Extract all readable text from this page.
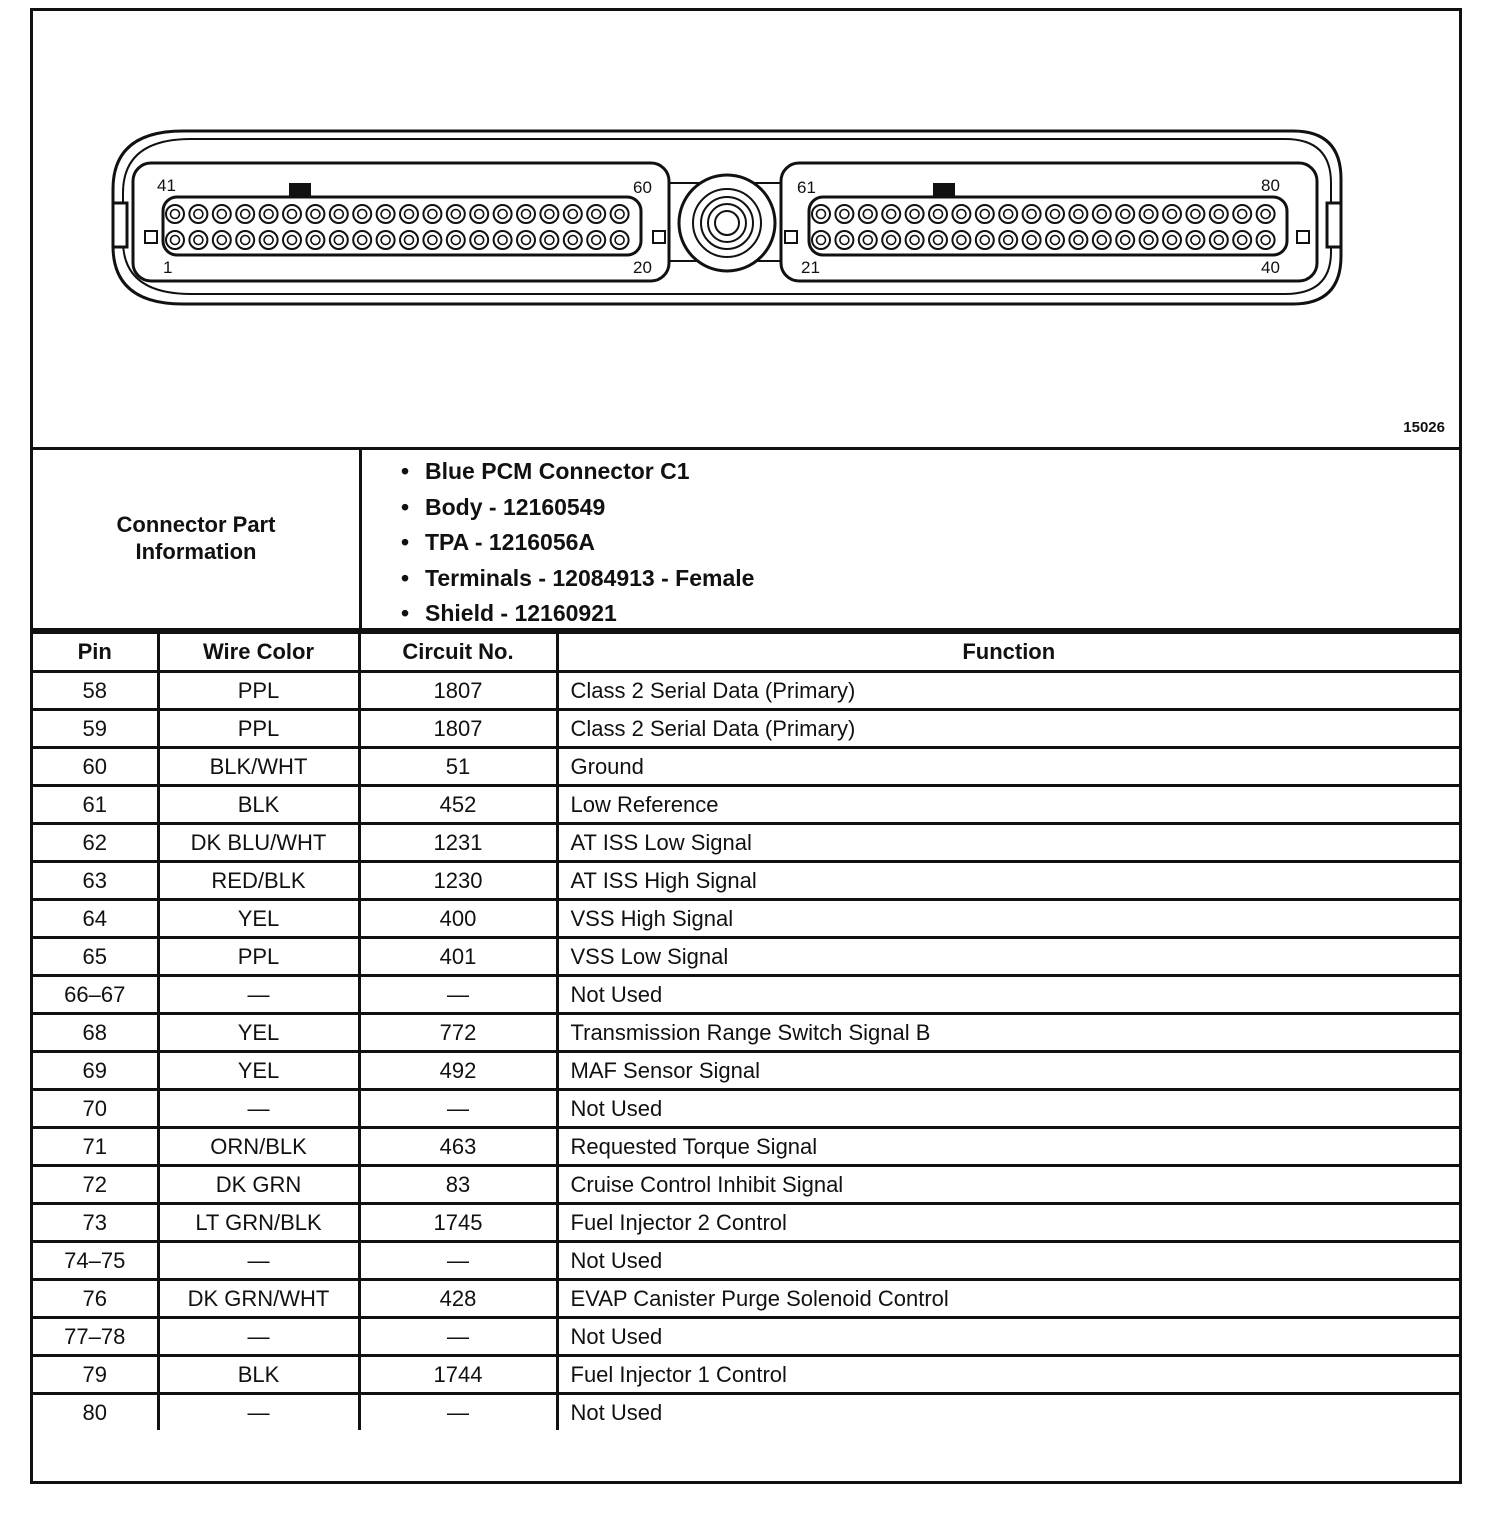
41	60
1	20
61	80
21	40
15026
Connector Part Information
• Blue PCM Connector C1
• Body - 12160549
• TPA - 1216056A
• Terminals - 12084913 - Female
• Shield - 12160921
Pin	Wire Color	Circuit No.	Function
58	PPL	1807	Class 2 Serial Data (Primary)
59	PPL	1807	Class 2 Serial Data (Primary)
60	BLK/WHT	51	Ground
61	BLK	452	Low Reference
62	DK BLU/WHT	1231	AT ISS Low Signal
63	RED/BLK	1230	AT ISS High Signal
64	YEL	400	VSS High Signal
65	PPL	401	VSS Low Signal
66–67	—	—	Not Used
68	YEL	772	Transmission Range Switch Signal B
69	YEL	492	MAF Sensor Signal
70	—	—	Not Used
71	ORN/BLK	463	Requested Torque Signal
72	DK GRN	83	Cruise Control Inhibit Signal
73	LT GRN/BLK	1745	Fuel Injector 2 Control
74–75	—	—	Not Used
76	DK GRN/WHT	428	EVAP Canister Purge Solenoid Control
77–78	—	—	Not Used
79	BLK	1744	Fuel Injector 1 Control
80	—	—	Not Used
